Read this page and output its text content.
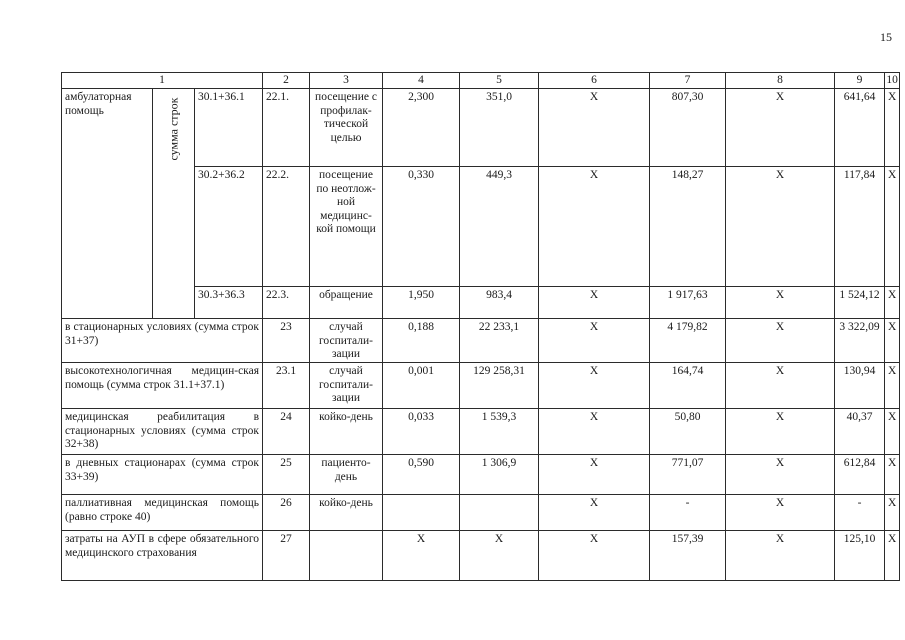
15
1			2	3	4	5	6	7	8	9	10
амбулаторная помощь	сумма строк	30.1+36.1	22.1.	посещение с профилак-тической целью	2,300	351,0	Х	807,30	Х	641,64	Х
		30.2+36.2	22.2.	посещение по неотлож-ной медицинс-кой помощи	0,330	449,3	Х	148,27	Х	117,84	Х
		30.3+36.3	22.3.	обращение	1,950	983,4	Х	1 917,63	Х	1 524,12	Х
в стационарных условиях (сумма строк 31+37)			23	случай госпитали-зации	0,188	22 233,1	Х	4 179,82	Х	3 322,09	Х
высокотехнологичная медицин-ская помощь (сумма строк 31.1+37.1)			23.1	случай госпитали-зации	0,001	129 258,31	Х	164,74	Х	130,94	Х
медицинская реабилитация в стационарных условиях (сумма строк 32+38)			24	койко-день	0,033	1 539,3	Х	50,80	Х	40,37	Х
в дневных стационарах (сумма строк 33+39)			25	пациенто-день	0,590	1 306,9	Х	771,07	Х	612,84	Х
паллиативная медицинская помощь (равно строке 40)			26	койко-день			Х	-	Х	-	Х
затраты на АУП в сфере обязательного медицинского страхования			27		Х	Х	Х	157,39	Х	125,10	Х
